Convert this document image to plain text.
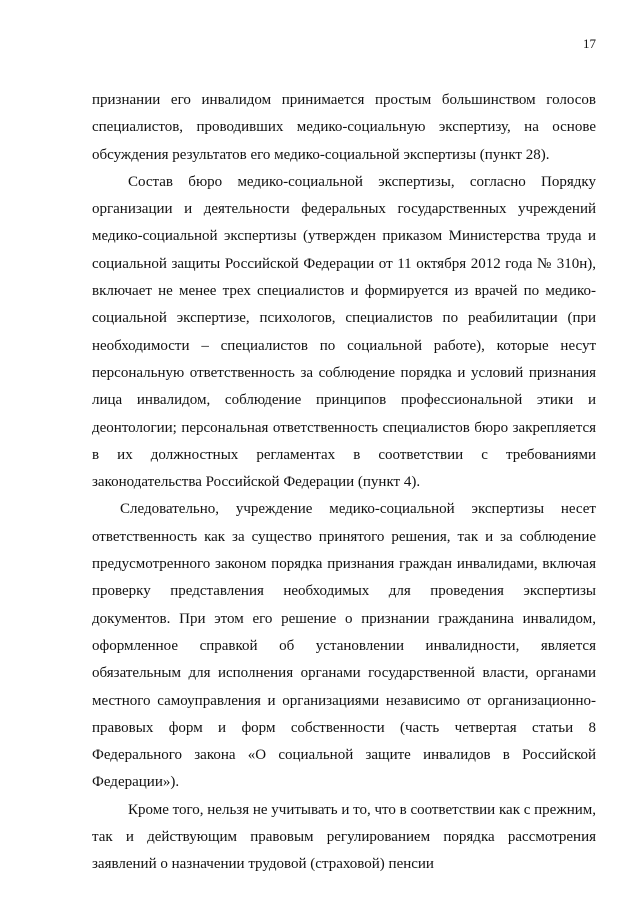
17

признании его инвалидом принимается простым большинством голосов специалистов, проводивших медико-социальную экспертизу, на основе обсуждения результатов его медико-социальной экспертизы (пункт 28).

Состав бюро медико-социальной экспертизы, согласно Порядку организации и деятельности федеральных государственных учреждений медико-социальной экспертизы (утвержден приказом Министерства труда и социальной защиты Российской Федерации от 11 октября 2012 года № 310н), включает не менее трех специалистов и формируется из врачей по медико-социальной экспертизе, психологов, специалистов по реабилитации (при необходимости – специалистов по социальной работе), которые несут персональную ответственность за соблюдение порядка и условий признания лица инвалидом, соблюдение принципов профессиональной этики и деонтологии; персональная ответственность специалистов бюро закрепляется в их должностных регламентах в соответствии с требованиями законодательства Российской Федерации (пункт 4).

Следовательно, учреждение медико-социальной экспертизы несет ответственность как за существо принятого решения, так и за соблюдение предусмотренного законом порядка признания граждан инвалидами, включая проверку представления необходимых для проведения экспертизы документов. При этом его решение о признании гражданина инвалидом, оформленное справкой об установлении инвалидности, является обязательным для исполнения органами государственной власти, органами местного самоуправления и организациями независимо от организационно-правовых форм и форм собственности (часть четвертая статьи 8 Федерального закона «О социальной защите инвалидов в Российской Федерации»).

Кроме того, нельзя не учитывать и то, что в соответствии как с прежним, так и действующим правовым регулированием порядка рассмотрения заявлений о назначении трудовой (страховой) пенсии
